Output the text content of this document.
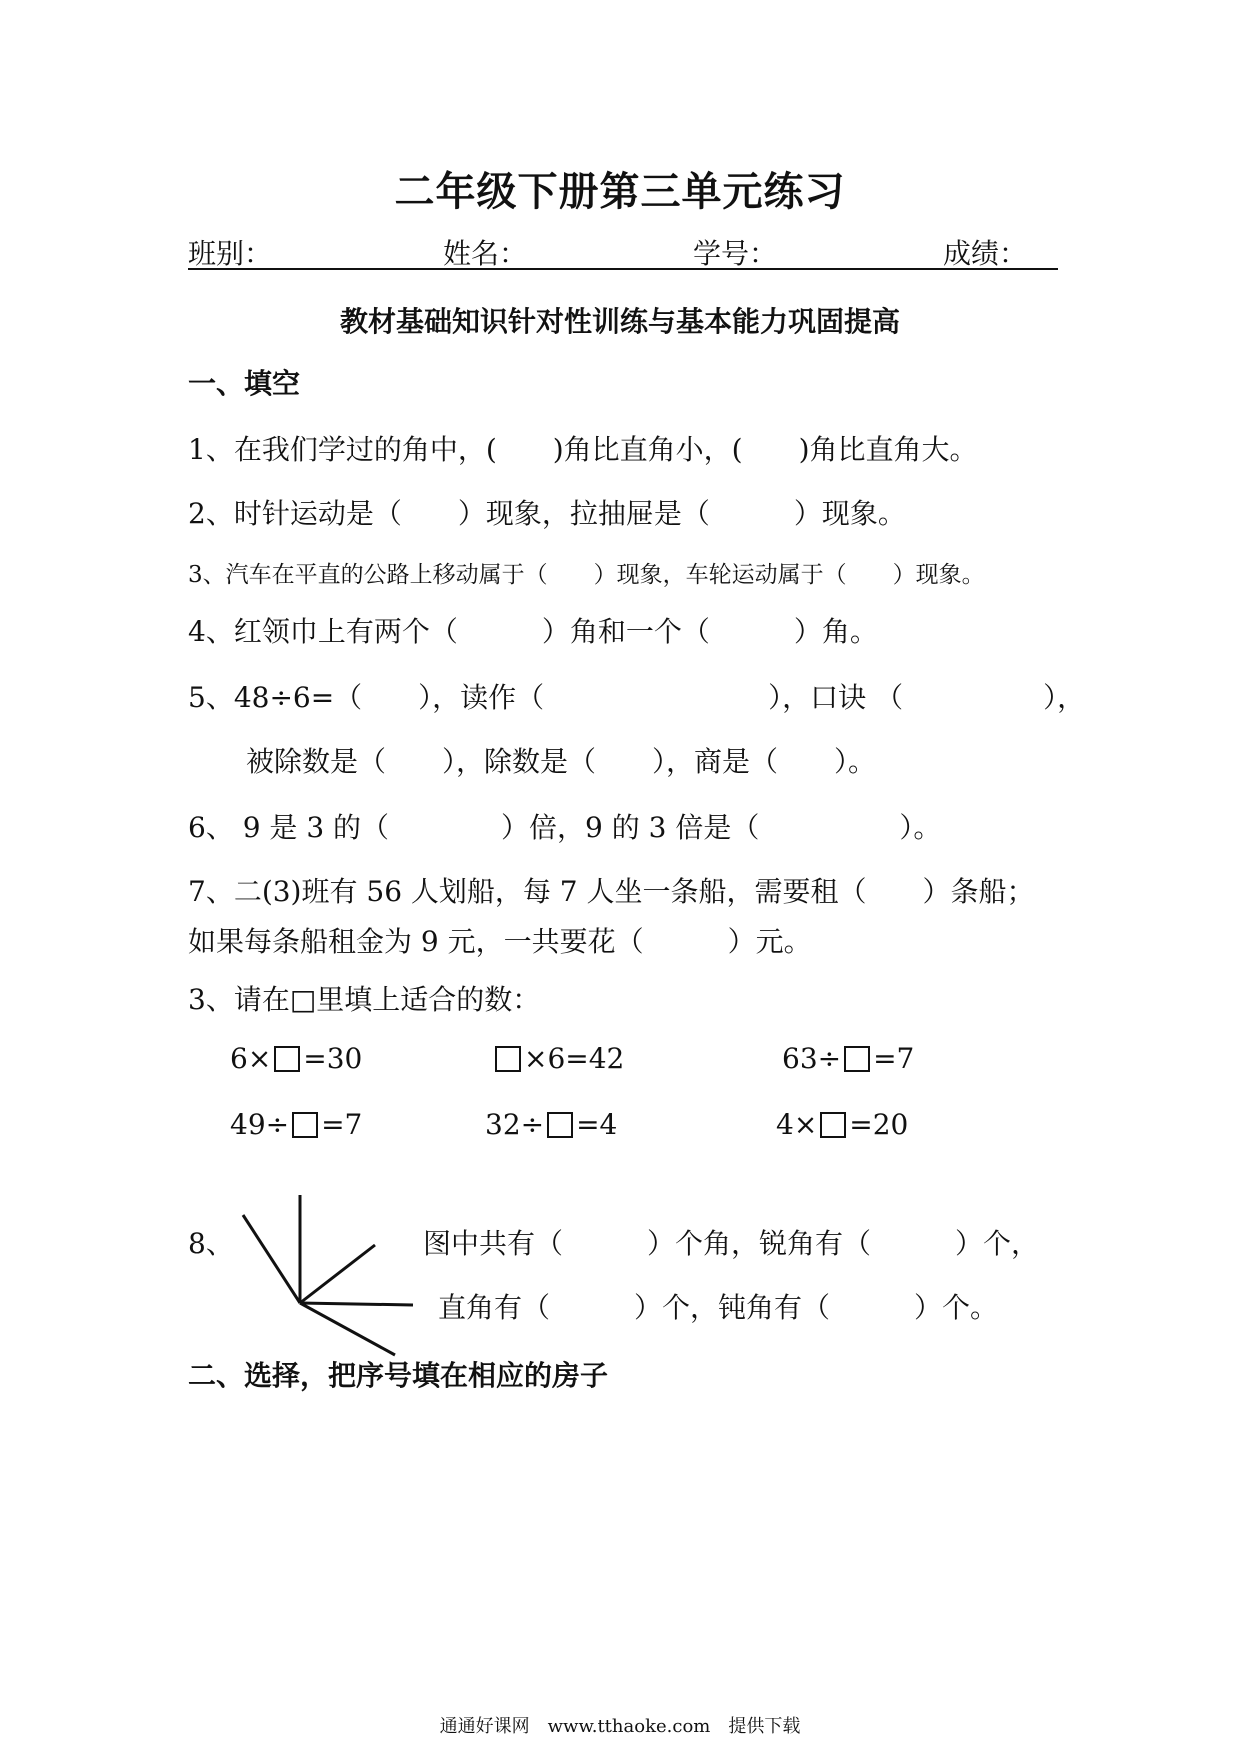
二年级下册第三单元练习
班别：	姓名：	学号：	成绩：
教材基础知识针对性训练与基本能力巩固提高
一、填空
1、在我们学过的角中，(　　)角比直角小，(　　)角比直角大。
2、时针运动是（　　）现象，拉抽屉是（　　　）现象。
3、汽车在平直的公路上移动属于（　　）现象，车轮运动属于（　　）现象。
4、红领巾上有两个（　　　）角和一个（　　　）角。
5、48÷6=（　　），读作（　　　　　　　　），口诀 （　　　　　），
被除数是（　　），除数是（　　），商是（　　）。
6、 9 是 3 的（　　　　）倍，9 的 3 倍是（　　　　　）。
7、二(3)班有 56 人划船，每 7 人坐一条船，需要租（　　）条船；
如果每条船租金为 9 元，一共要花（　　　）元。
3、请在□里填上适合的数：
6× =30	×6=42	63÷ =7
49÷ =7	32÷ =4	4× =20
8、	图中共有（　　　）个角，锐角有（　　　）个，
直角有（　　　）个，钝角有（　　　）个。
二、选择，把序号填在相应的房子
通通好课网　www.tthaoke.com　提供下载
